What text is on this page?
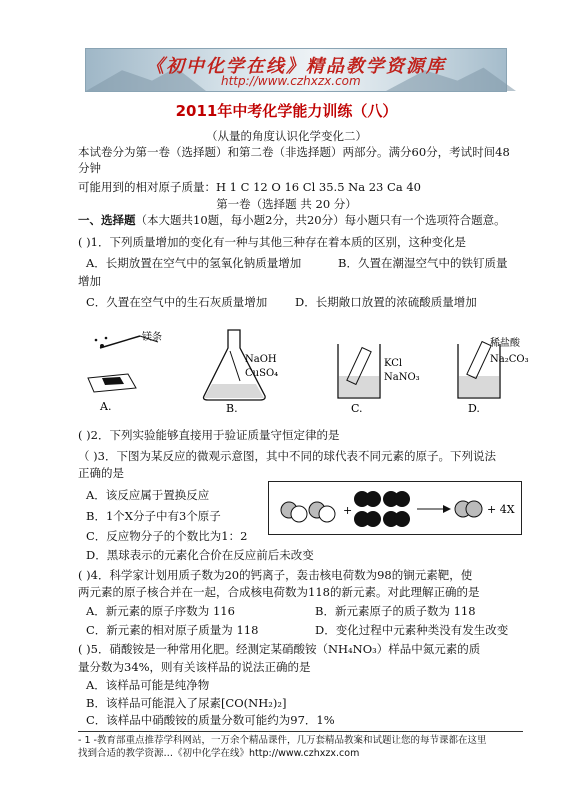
《初中化学在线》精品教学资源库
http://www.czhxzx.com
2011年中考化学能力训练（八）
（从量的角度认识化学变化二）
本试卷分为第一卷（选择题）和第二卷（非选择题）两部分。满分60分，考试时间48
分钟
可能用到的相对原子质量：H 1 C 12 O 16 Cl 35.5 Na 23 Ca 40
第一卷（选择题 共 20 分）
一、选择题（本大题共10题，每小题2分，共20分）每小题只有一个选项符合题意。
( )1．下列质量增加的变化有一种与其他三种存在着本质的区别，这种变化是
A．长期放置在空气中的氢氧化钠质量增加	B．久置在潮湿空气中的铁钉质量
增加
C．久置在空气中的生石灰质量增加 D．长期敞口放置的浓硫酸质量增加
A.
镁条
NaOH
CuSO₄
B.
KCl
NaNO₃
C.
稀盐酸
Na₂CO₃
D.
( )2．下列实验能够直接用于验证质量守恒定律的是
（ )3．下图为某反应的微观示意图，其中不同的球代表不同元素的原子。下列说法
正确的是
A．该反应属于置换反应
B．1个X分子中有3个原子
C．反应物分子的个数比为1：2
D．黑球表示的元素化合价在反应前后未改变
+	+ 4X
( )4．科学家计划用质子数为20的钙离子，轰击核电荷数为98的锎元素靶，使
两元素的原子核合并在一起，合成核电荷数为118的新元素。对此理解正确的是
A．新元素的原子序数为 116	B．新元素原子的质子数为 118
C．新元素的相对原子质量为 118	D．变化过程中元素种类没有发生改变
( )5．硝酸铵是一种常用化肥。经测定某硝酸铵（NH₄NO₃）样品中氮元素的质
量分数为34%，则有关该样品的说法正确的是
A．该样品可能是纯净物
B．该样品可能混入了尿素[CO(NH₂)₂]
C．该样品中硝酸铵的质量分数可能约为97．1%
- 1 -教育部重点推荐学科网站，一万余个精品课件，几万套精品教案和试题让您的每节课都在这里
找到合适的教学资源…《初中化学在线》http://www.czhxzx.com
